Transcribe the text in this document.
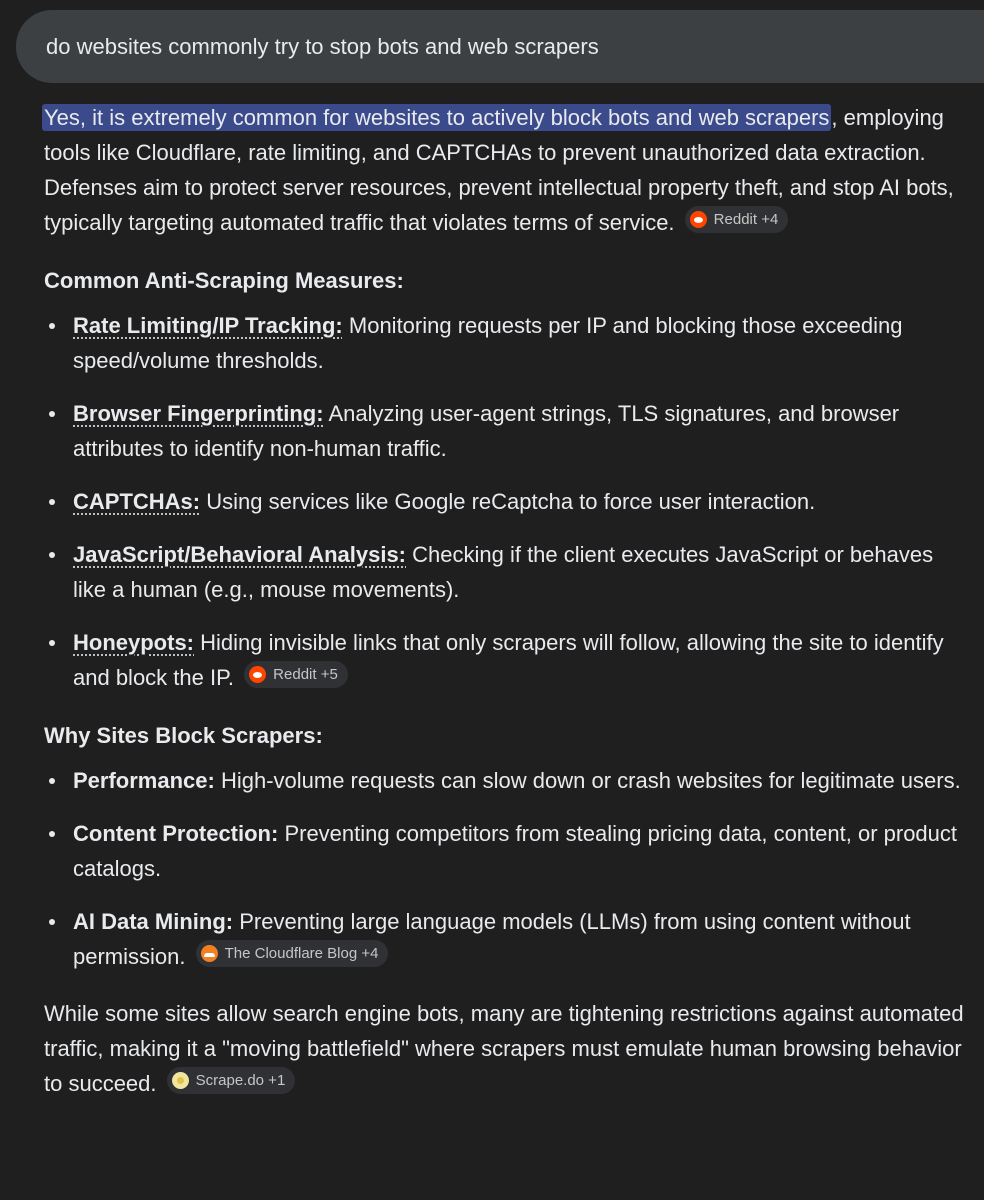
do websites commonly try to stop bots and web scrapers

Yes, it is extremely common for websites to actively block bots and web scrapers, employing tools like Cloudflare, rate limiting, and CAPTCHAs to prevent unauthorized data extraction. Defenses aim to protect server resources, prevent intellectual property theft, and stop AI bots, typically targeting automated traffic that violates terms of service.	Reddit +4

Common Anti-Scraping Measures:

Rate Limiting/IP Tracking: Monitoring requests per IP and blocking those exceeding speed/volume thresholds.
Browser Fingerprinting: Analyzing user-agent strings, TLS signatures, and browser attributes to identify non-human traffic.
CAPTCHAs: Using services like Google reCaptcha to force user interaction.
JavaScript/Behavioral Analysis: Checking if the client executes JavaScript or behaves like a human (e.g., mouse movements).
Honeypots: Hiding invisible links that only scrapers will follow, allowing the site to identify and block the IP.	Reddit +5

Why Sites Block Scrapers:

Performance: High-volume requests can slow down or crash websites for legitimate users.
Content Protection: Preventing competitors from stealing pricing data, content, or product catalogs.
AI Data Mining: Preventing large language models (LLMs) from using content without permission.	The Cloudflare Blog +4

While some sites allow search engine bots, many are tightening restrictions against automated traffic, making it a "moving battlefield" where scrapers must emulate human browsing behavior to succeed.	Scrape.do +1
